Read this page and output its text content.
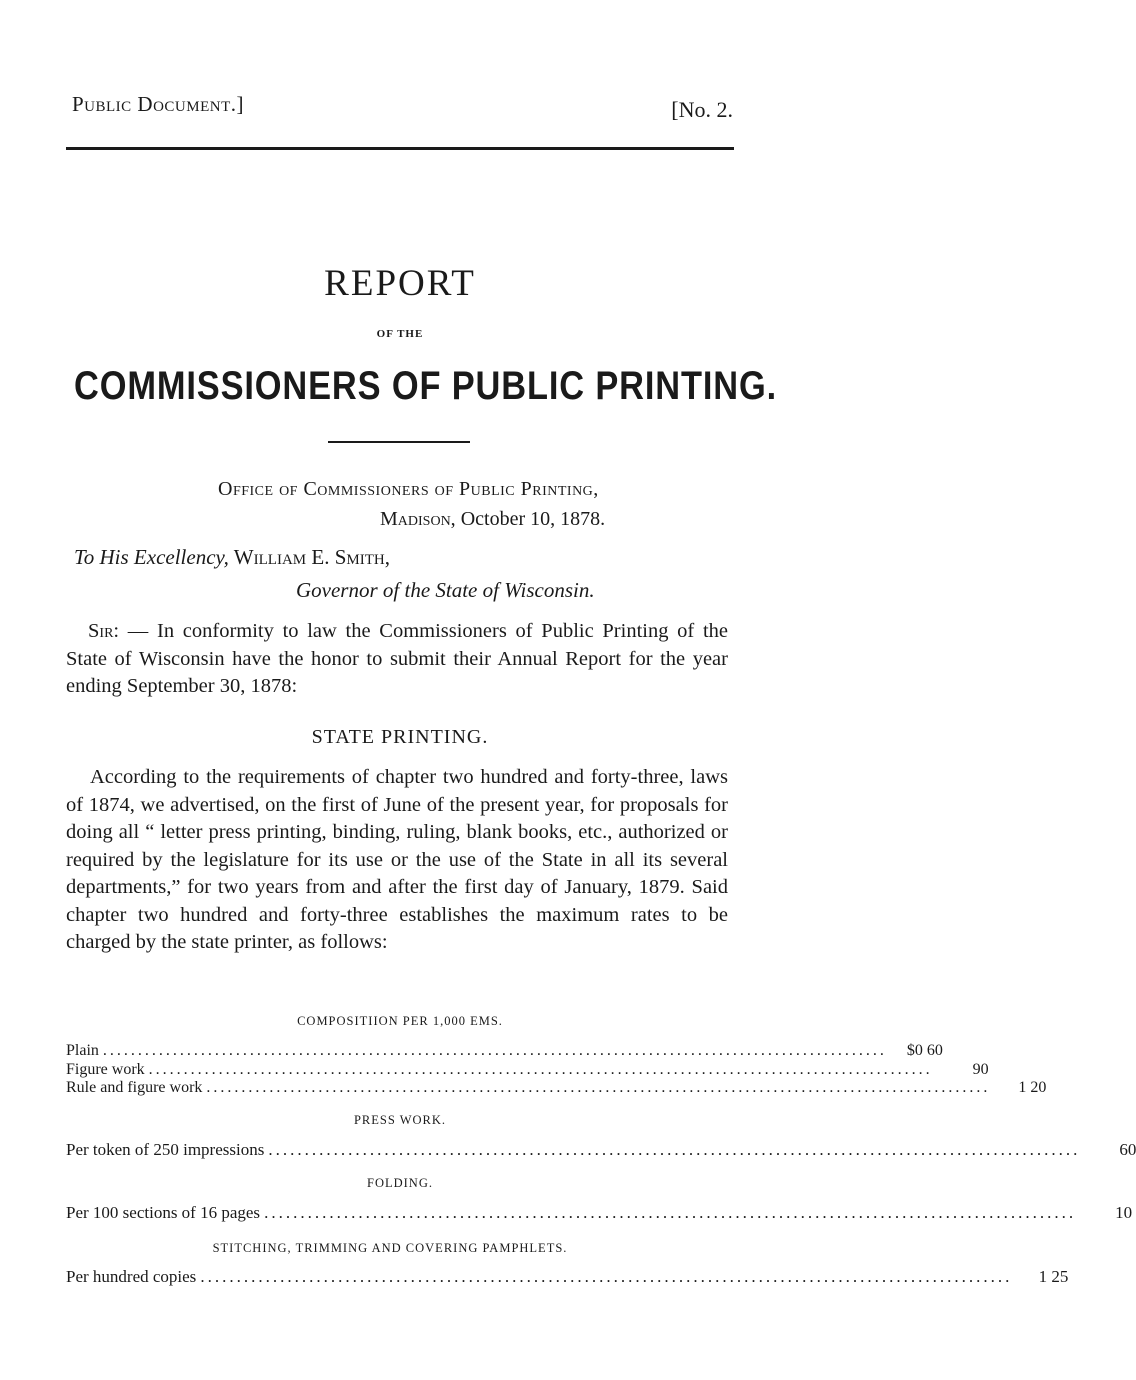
Public Document.]	[No. 2.
REPORT
OF THE
COMMISSIONERS OF PUBLIC PRINTING.
Office of Commissioners of Public Printing,
Madison, October 10, 1878.
To His Excellency, William E. Smith,
Governor of the State of Wisconsin.
Sir: — In conformity to law the Commissioners of Public Printing of the State of Wisconsin have the honor to submit their Annual Report for the year ending September 30, 1878:
STATE PRINTING.
According to the requirements of chapter two hundred and forty-three, laws of 1874, we advertised, on the first of June of the present year, for proposals for doing all “ letter press printing, binding, ruling, blank books, etc., authorized or required by the legislature for its use or the use of the State in all its several departments,” for two years from and after the first day of January, 1879. Said chapter two hundred and forty-three establishes the maximum rates to be charged by the state printer, as follows:
COMPOSITIION PER 1,000 EMS.
Plain ................................................................................................................	$0 60
Figure work ................................................................................................................	90
Rule and figure work ................................................................................................................	1 20
PRESS WORK.
Per token of 250 impressions ................................................................................................................	60
FOLDING.
Per 100 sections of 16 pages ................................................................................................................	10
STITCHING, TRIMMING AND COVERING PAMPHLETS.
Per hundred copies ................................................................................................................	1 25
